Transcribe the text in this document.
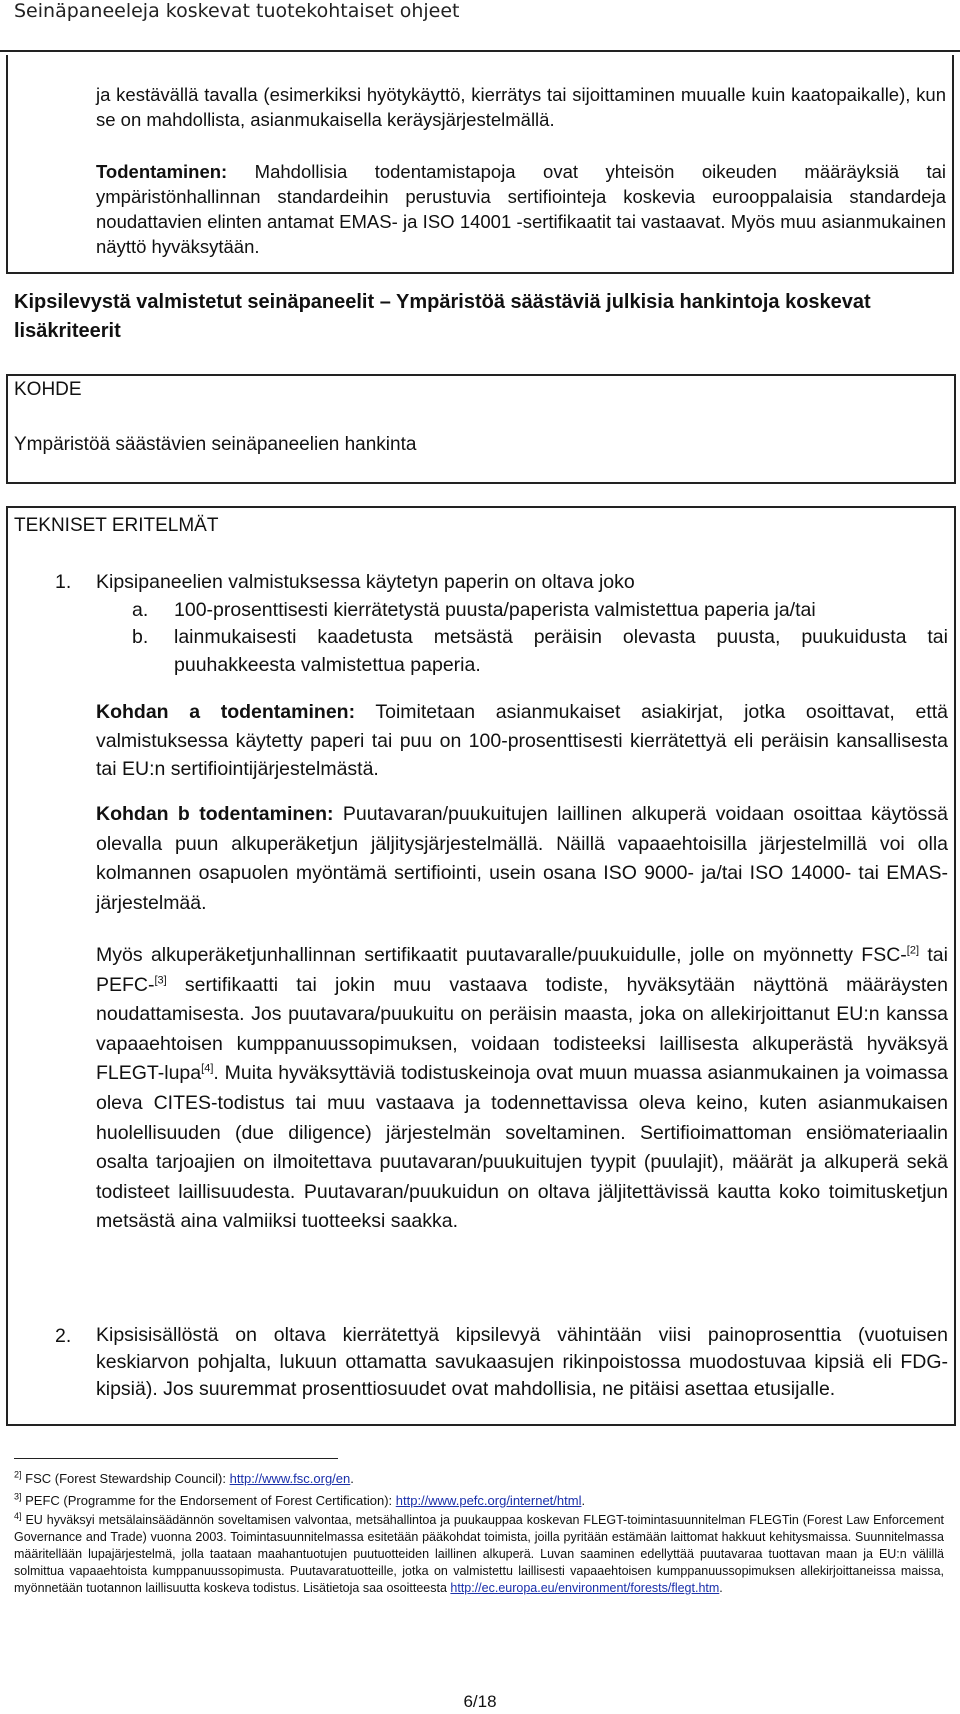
Seinäpaneeleja koskevat tuotekohtaiset ohjeet
ja kestävällä tavalla (esimerkiksi hyötykäyttö, kierrätys tai sijoittaminen muualle kuin kaatopaikalle), kun se on mahdollista, asianmukaisella keräysjärjestelmällä.
Todentaminen: Mahdollisia todentamistapoja ovat yhteisön oikeuden määräyksiä tai ympäristönhallinnan standardeihin perustuvia sertifiointeja koskevia eurooppalaisia standardeja noudattavien elinten antamat EMAS- ja ISO 14001 -sertifikaatit tai vastaavat. Myös muu asianmukainen näyttö hyväksytään.
Kipsilevystä valmistetut seinäpaneelit – Ympäristöä säästäviä julkisia hankintoja koskevat lisäkriteerit
KOHDE
Ympäristöä säästävien seinäpaneelien hankinta
TEKNISET ERITELMÄT
1. Kipsipaneelien valmistuksessa käytetyn paperin on oltava joko
a. 100-prosenttisesti kierrätetystä puusta/paperista valmistettua paperia ja/tai
b. lainmukaisesti kaadetusta metsästä peräisin olevasta puusta, puukuidusta tai puuhakkeesta valmistettua paperia.
Kohdan a todentaminen: Toimitetaan asianmukaiset asiakirjat, jotka osoittavat, että valmistuksessa käytetty paperi tai puu on 100-prosenttisesti kierrätettyä eli peräisin kansallisesta tai EU:n sertifiointijärjestelmästä.
Kohdan b todentaminen: Puutavaran/puukuitujen laillinen alkuperä voidaan osoittaa käytössä olevalla puun alkuperäketjun jäljitysjärjestelmällä. Näillä vapaaehtoisilla järjestelmillä voi olla kolmannen osapuolen myöntämä sertifiointi, usein osana ISO 9000- ja/tai ISO 14000- tai EMAS-järjestelmää.
Myös alkuperäketjunhallinnan sertifikaatit puutavaralle/puukuidulle, jolle on myönnetty FSC-[2] tai PEFC-[3] sertifikaatti tai jokin muu vastaava todiste, hyväksytään näyttönä määräysten noudattamisesta. Jos puutavara/puukuitu on peräisin maasta, joka on allekirjoittanut EU:n kanssa vapaaehtoisen kumppanuussopimuksen, voidaan todisteeksi laillisesta alkuperästä hyväksyä FLEGT-lupa[4]. Muita hyväksyttäviä todistuskeinoja ovat muun muassa asianmukainen ja voimassa oleva CITES-todistus tai muu vastaava ja todennettavissa oleva keino, kuten asianmukaisen huolellisuuden (due diligence) järjestelmän soveltaminen. Sertifioimattoman ensiömateriaalin osalta tarjoajien on ilmoitettava puutavaran/puukuitujen tyypit (puulajit), määrät ja alkuperä sekä todisteet laillisuudesta. Puutavaran/puukuidun on oltava jäljitettävissä kautta koko toimitusketjun metsästä aina valmiiksi tuotteeksi saakka.
2. Kipsisisällöstä on oltava kierrätettyä kipsilevyä vähintään viisi painoprosenttia (vuotuisen keskiarvon pohjalta, lukuun ottamatta savukaasujen rikinpoistossa muodostuvaa kipsiä eli FDG-kipsiä). Jos suuremmat prosenttiosuudet ovat mahdollisia, ne pitäisi asettaa etusijalle.
$^{2]}$ FSC (Forest Stewardship Council): http://www.fsc.org/en.
$^{3]}$ PEFC (Programme for the Endorsement of Forest Certification): http://www.pefc.org/internet/html.
$^{4]}$ EU hyväksyi metsälainsäädännön soveltamisen valvontaa, metsähallintoa ja puukauppaa koskevan FLEGT-toimintasuunnitelman FLEGTin (Forest Law Enforcement Governance and Trade) vuonna 2003. Toimintasuunnitelmassa esitetään pääkohdat toimista, joilla pyritään estämään laittomat hakkuut kehitysmaissa. Suunnitelmassa määritellään lupajärjestelmä, jolla taataan maahantuotujen puutuotteiden laillinen alkuperä. Luvan saaminen edellyttää puutavaraa tuottavan maan ja EU:n välillä solmittua vapaaehtoista kumppanuussopimusta. Puutavaratuotteille, jotka on valmistettu laillisesti vapaaehtoisen kumppanuussopimuksen allekirjoittaneissa maissa, myönnetään tuotannon laillisuutta koskeva todistus. Lisätietoja saa osoitteesta http://ec.europa.eu/environment/forests/flegt.htm.
6/18
